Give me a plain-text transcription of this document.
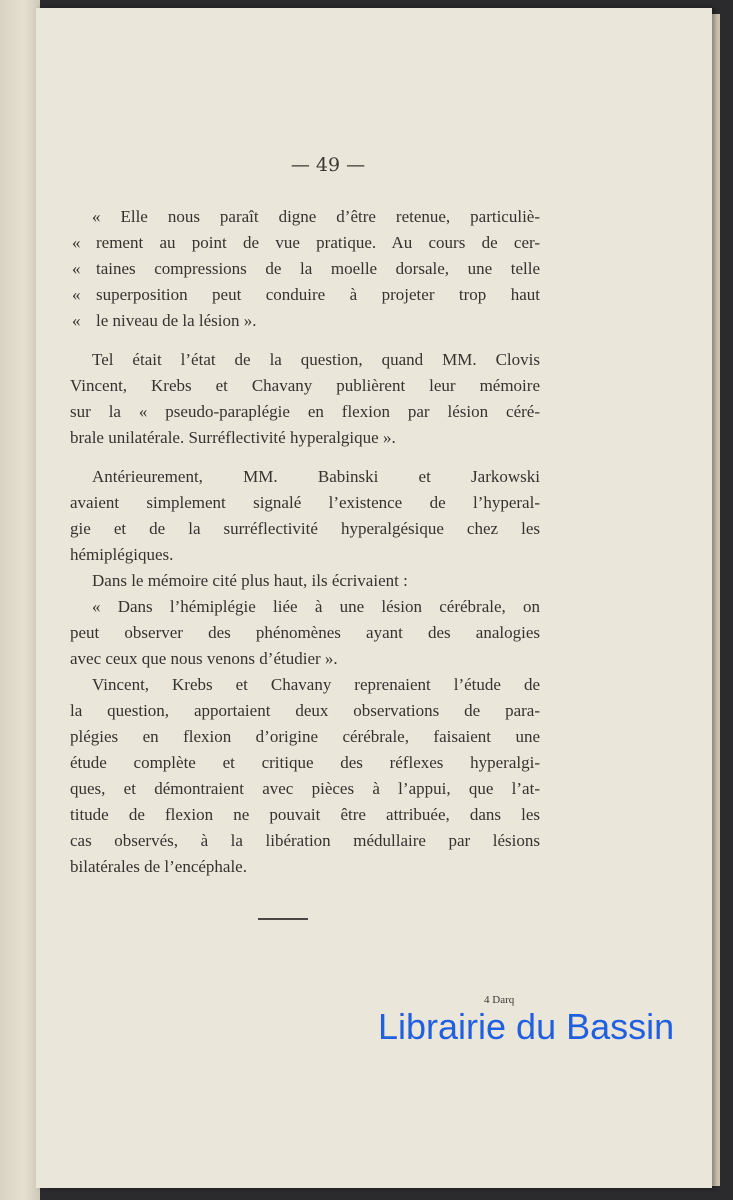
— 49 —
« Elle nous paraît digne d’être retenue, particuliè-
« rement au point de vue pratique. Au cours de cer-
« taines compressions de la moelle dorsale, une telle
« superposition peut conduire à projeter trop haut
« le niveau de la lésion ».
Tel était l’état de la question, quand MM. Clovis
Vincent, Krebs et Chavany publièrent leur mémoire
sur la « pseudo-paraplégie en flexion par lésion céré-
brale unilatérale. Surréflectivité hyperalgique ».
Antérieurement, MM. Babinski et Jarkowski
avaient simplement signalé l’existence de l’hyperal-
gie et de la surréflectivité hyperalgésique chez les
hémiplégiques.
Dans le mémoire cité plus haut, ils écrivaient :
« Dans l’hémiplégie liée à une lésion cérébrale, on
peut observer des phénomènes ayant des analogies
avec ceux que nous venons d’étudier ».
Vincent, Krebs et Chavany reprenaient l’étude de
la question, apportaient deux observations de para-
plégies en flexion d’origine cérébrale, faisaient une
étude complète et critique des réflexes hyperalgi-
ques, et démontraient avec pièces à l’appui, que l’at-
titude de flexion ne pouvait être attribuée, dans les
cas observés, à la libération médullaire par lésions
bilatérales de l’encéphale.
4 Darq
Librairie du Bassin
